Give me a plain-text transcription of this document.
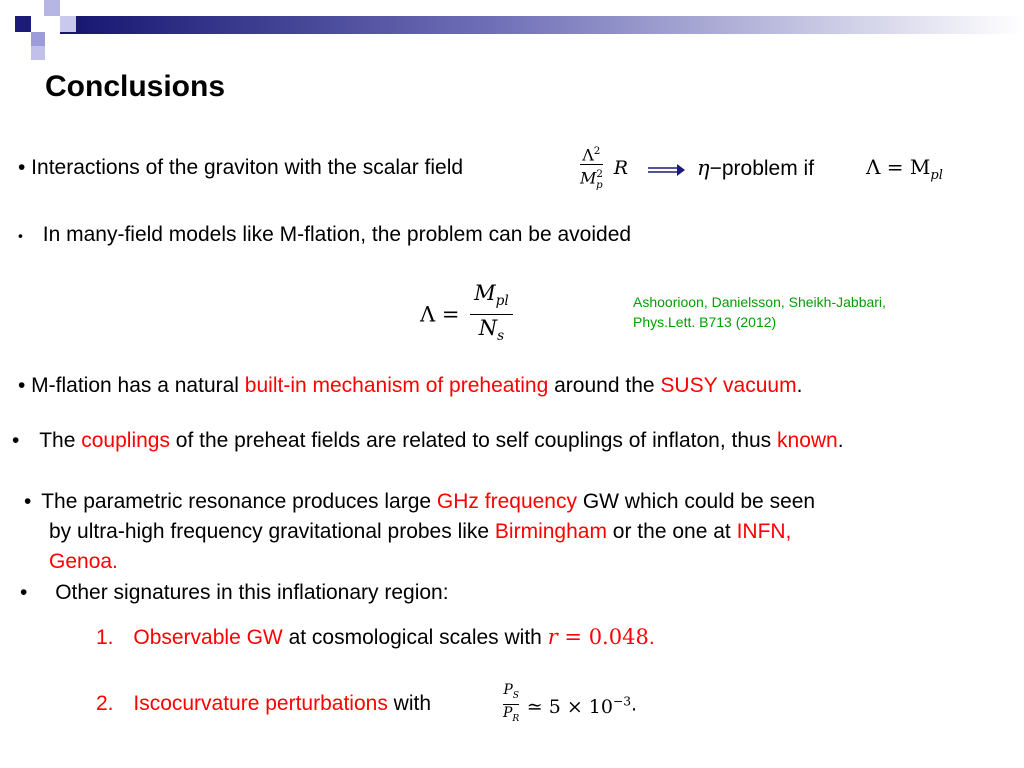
Conclusions
• Interactions of the graviton with the scalar field	$\frac{\Lambda^2}{M^2_p}$ R	η−problem if	$\Lambda = M_{pl}$
• In many-field models like M-flation, the problem can be avoided
$\Lambda = \frac{M_{pl}}{N_s}$	Ashoorioon, Danielsson, Sheikh-Jabbari,
Phys.Lett. B713 (2012)
• M-flation has a natural built-in mechanism of preheating around the SUSY vacuum.
• The couplings of the preheat fields are related to self couplings of inflaton, thus known.
• The parametric resonance produces large GHz frequency GW which could be seen
by ultra-high frequency gravitational probes like Birmingham or the one at INFN,
Genoa.
• Other signatures in this inflationary region:
1. Observable GW at cosmological scales with r = 0.048.
2. Iscocurvature perturbations with	$\frac{P_S}{P_R}$ ≃ $5 \times 10^{-3}$.
